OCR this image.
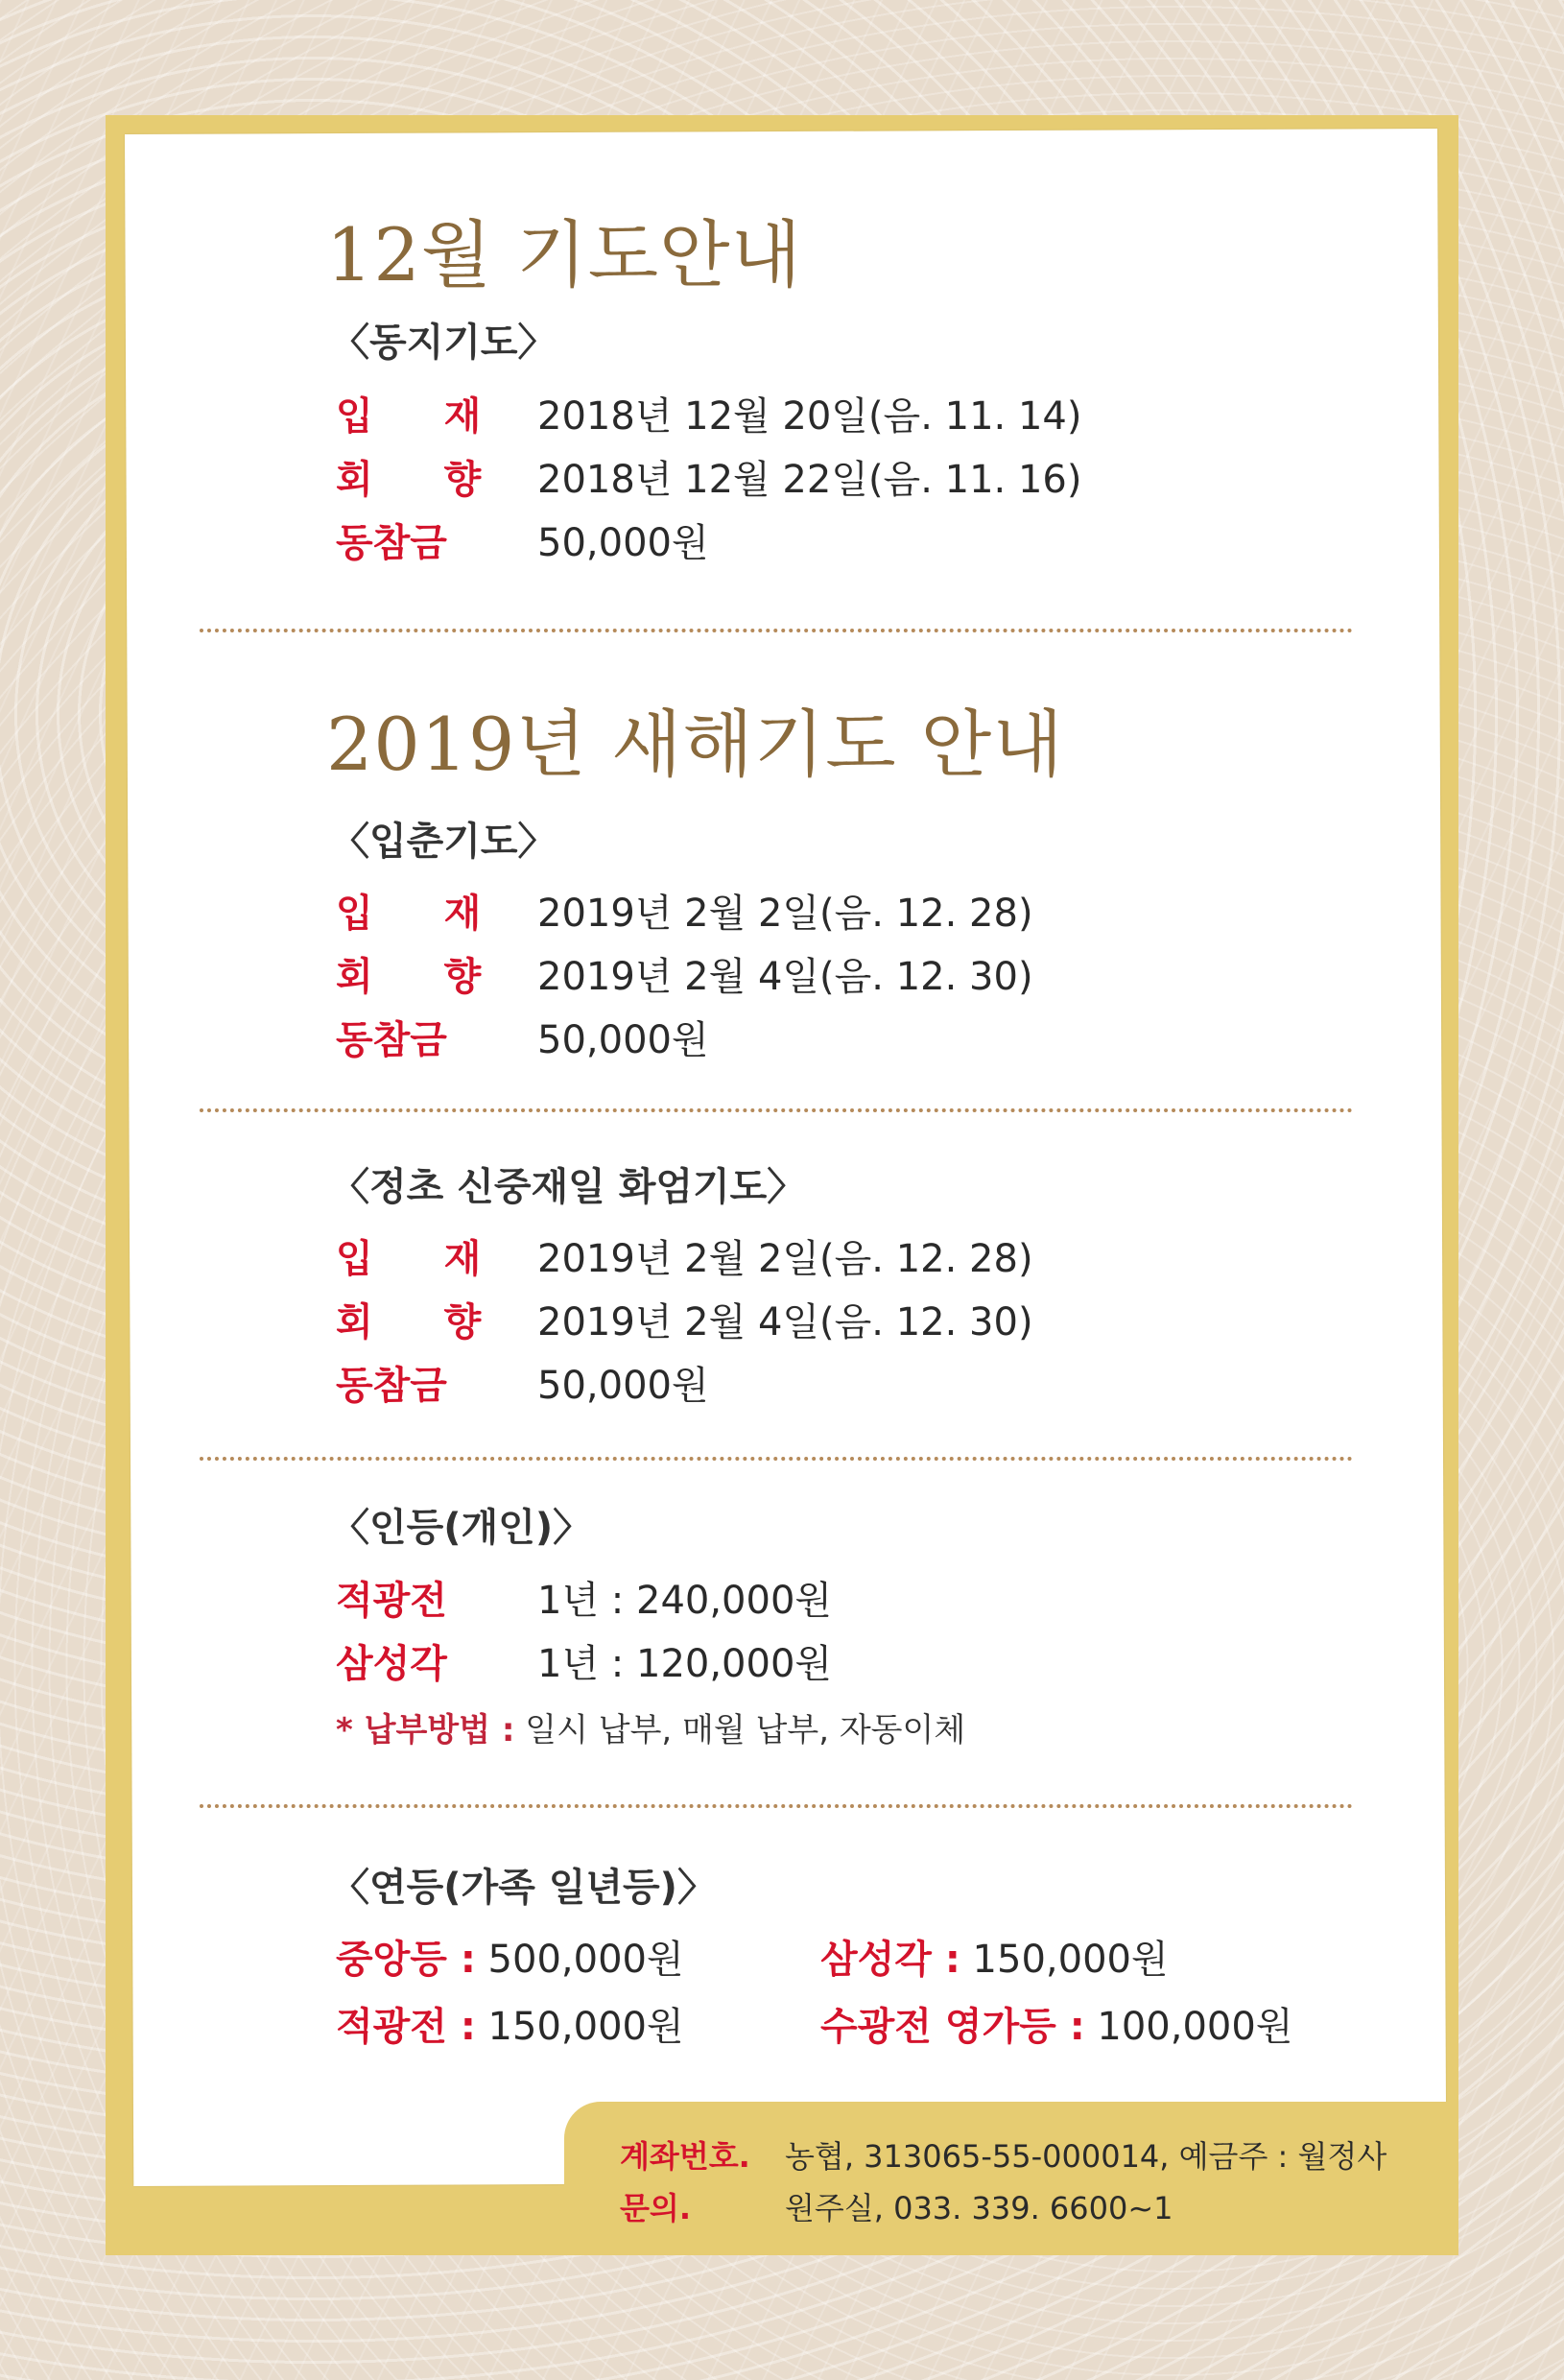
12월 기도안내
〈동지기도〉
입 재 2018년 12월 20일(음. 11. 14)
회 향 2018년 12월 22일(음. 11. 16)
동참금	50,000원
2019년 새해기도 안내
〈입춘기도〉
입 재 2019년 2월 2일(음. 12. 28)
회 향 2019년 2월 4일(음. 12. 30)
동참금	50,000원
〈정초 신중재일 화엄기도〉
입 재 2019년 2월 2일(음. 12. 28)
회 향 2019년 2월 4일(음. 12. 30)
동참금	50,000원
〈인등(개인)〉
적광전	1년 : 240,000원
삼성각	1년 : 120,000원
* 납부방법 : 일시 납부, 매월 납부, 자동이체
〈연등(가족 일년등)〉
중앙등 : 500,000원	삼성각 : 150,000원
적광전 : 150,000원	수광전 영가등 : 100,000원
계좌번호.	농협, 313065-55-000014, 예금주 : 월정사
문의.	원주실, 033. 339. 6600~1
